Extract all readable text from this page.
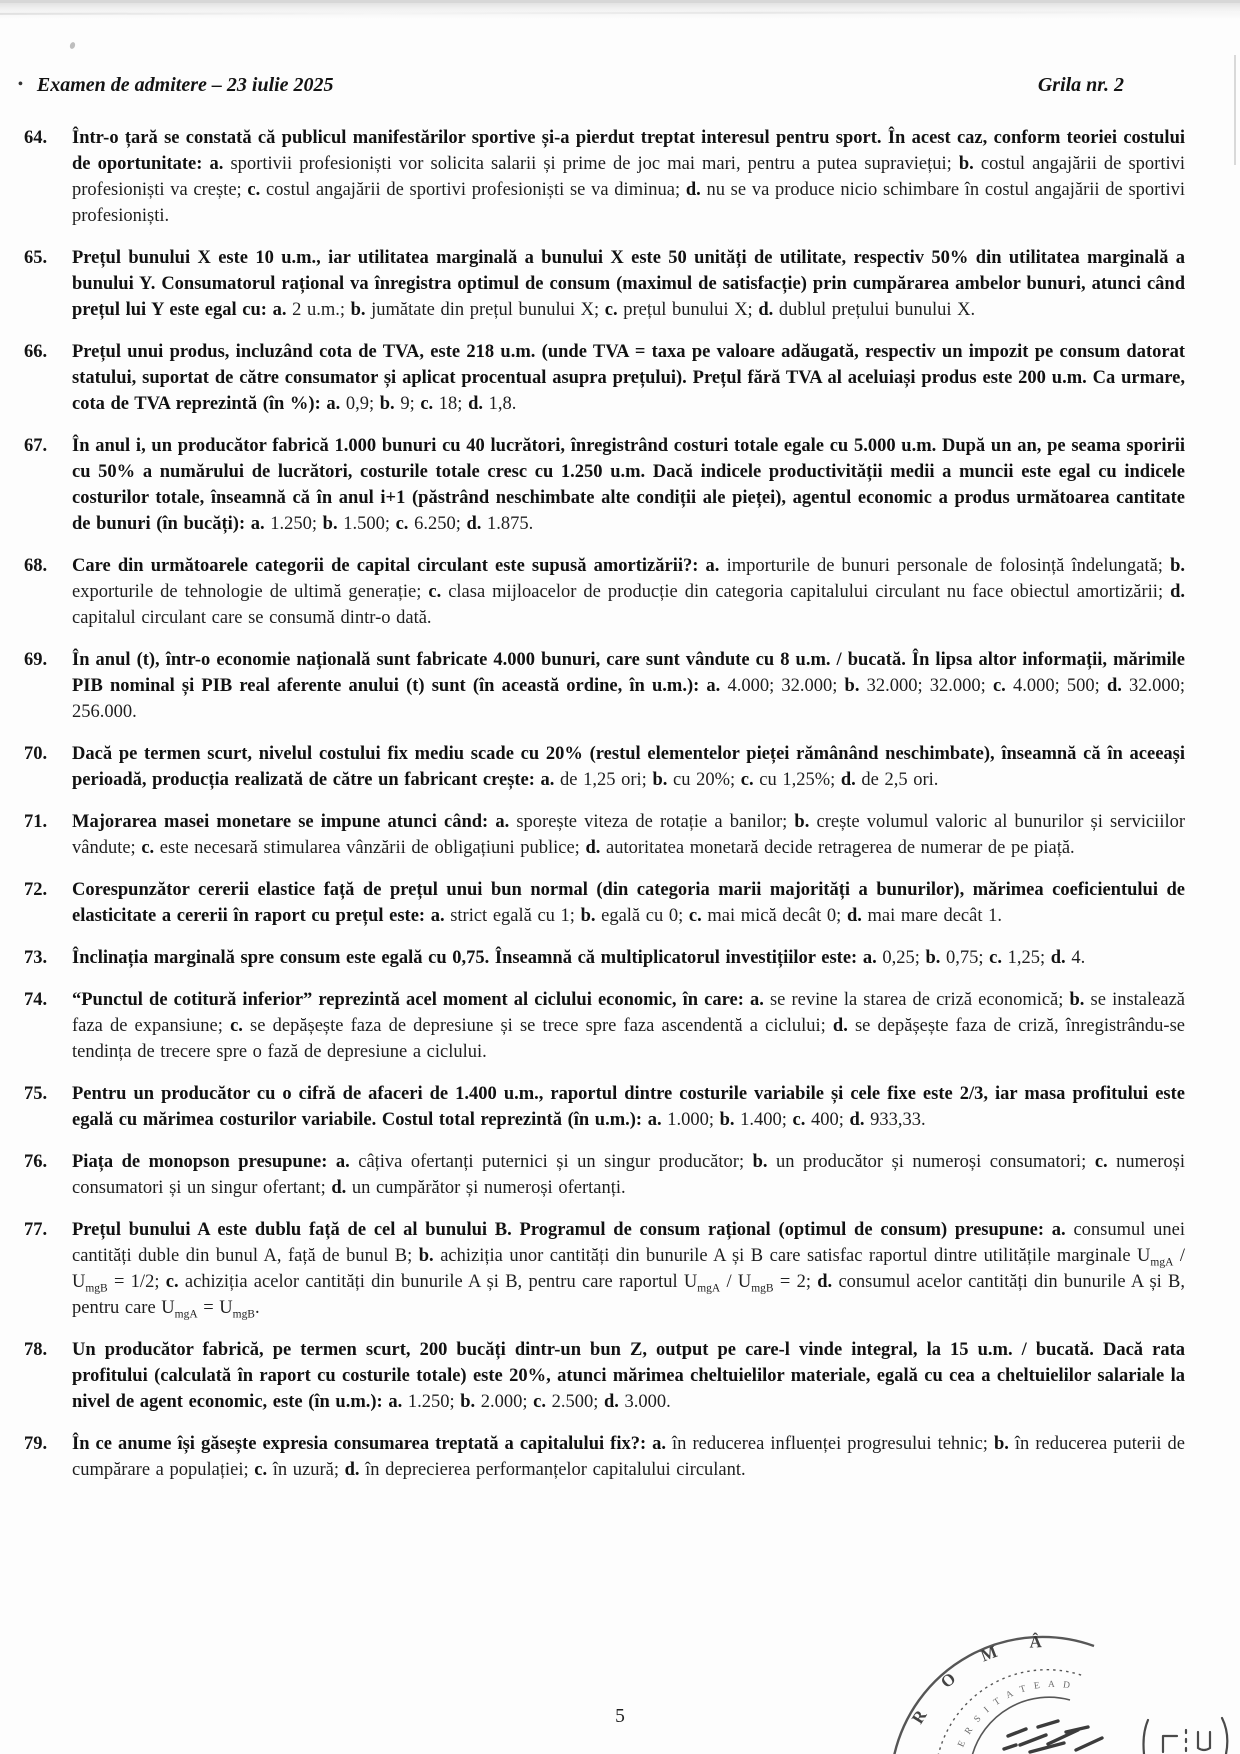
• Examen de admitere – 23 iulie 2025	Grila nr. 2
64.	Într-o țară se constată că publicul manifestărilor sportive și-a pierdut treptat interesul pentru sport. În acest caz, conform teoriei costului de oportunitate: a. sportivii profesioniști vor solicita salarii și prime de joc mai mari, pentru a putea supraviețui; b. costul angajării de sportivi profesioniști va crește; c. costul angajării de sportivi profesioniști se va diminua; d. nu se va produce nicio schimbare în costul angajării de sportivi profesioniști.
65.	Prețul bunului X este 10 u.m., iar utilitatea marginală a bunului X este 50 unități de utilitate, respectiv 50% din utilitatea marginală a bunului Y. Consumatorul rațional va înregistra optimul de consum (maximul de satisfacție) prin cumpărarea ambelor bunuri, atunci când prețul lui Y este egal cu: a. 2 u.m.; b. jumătate din prețul bunului X; c. prețul bunului X; d. dublul prețului bunului X.
66.	Prețul unui produs, incluzând cota de TVA, este 218 u.m. (unde TVA = taxa pe valoare adăugată, respectiv un impozit pe consum datorat statului, suportat de către consumator și aplicat procentual asupra prețului). Prețul fără TVA al aceluiași produs este 200 u.m. Ca urmare, cota de TVA reprezintă (în %): a. 0,9; b. 9; c. 18; d. 1,8.
67.	În anul i, un producător fabrică 1.000 bunuri cu 40 lucrători, înregistrând costuri totale egale cu 5.000 u.m. După un an, pe seama sporirii cu 50% a numărului de lucrători, costurile totale cresc cu 1.250 u.m. Dacă indicele productivității medii a muncii este egal cu indicele costurilor totale, înseamnă că în anul i+1 (păstrând neschimbate alte condiții ale pieței), agentul economic a produs următoarea cantitate de bunuri (în bucăți): a. 1.250; b. 1.500; c. 6.250; d. 1.875.
68.	Care din următoarele categorii de capital circulant este supusă amortizării?: a. importurile de bunuri personale de folosință îndelungată; b. exporturile de tehnologie de ultimă generație; c. clasa mijloacelor de producție din categoria capitalului circulant nu face obiectul amortizării; d. capitalul circulant care se consumă dintr-o dată.
69.	În anul (t), într-o economie națională sunt fabricate 4.000 bunuri, care sunt vândute cu 8 u.m. / bucată. În lipsa altor informații, mărimile PIB nominal și PIB real aferente anului (t) sunt (în această ordine, în u.m.): a. 4.000; 32.000; b. 32.000; 32.000; c. 4.000; 500; d. 32.000; 256.000.
70.	Dacă pe termen scurt, nivelul costului fix mediu scade cu 20% (restul elementelor pieței rămânând neschimbate), înseamnă că în aceeași perioadă, producția realizată de către un fabricant crește: a. de 1,25 ori; b. cu 20%; c. cu 1,25%; d. de 2,5 ori.
71.	Majorarea masei monetare se impune atunci când: a. sporește viteza de rotație a banilor; b. crește volumul valoric al bunurilor și serviciilor vândute; c. este necesară stimularea vânzării de obligațiuni publice; d. autoritatea monetară decide retragerea de numerar de pe piață.
72.	Corespunzător cererii elastice față de prețul unui bun normal (din categoria marii majorități a bunurilor), mărimea coeficientului de elasticitate a cererii în raport cu prețul este: a. strict egală cu 1; b. egală cu 0; c. mai mică decât 0; d. mai mare decât 1.
73.	Înclinația marginală spre consum este egală cu 0,75. Înseamnă că multiplicatorul investițiilor este: a. 0,25; b. 0,75; c. 1,25; d. 4.
74.	“Punctul de cotitură inferior” reprezintă acel moment al ciclului economic, în care: a. se revine la starea de criză economică; b. se instalează faza de expansiune; c. se depășește faza de depresiune și se trece spre faza ascendentă a ciclului; d. se depășește faza de criză, înregistrându-se tendința de trecere spre o fază de depresiune a ciclului.
75.	Pentru un producător cu o cifră de afaceri de 1.400 u.m., raportul dintre costurile variabile și cele fixe este 2/3, iar masa profitului este egală cu mărimea costurilor variabile. Costul total reprezintă (în u.m.): a. 1.000; b. 1.400; c. 400; d. 933,33.
76.	Piața de monopson presupune: a. câțiva ofertanți puternici și un singur producător; b. un producător și numeroși consumatori; c. numeroși consumatori și un singur ofertant; d. un cumpărător și numeroși ofertanți.
77.	Prețul bunului A este dublu față de cel al bunului B. Programul de consum rațional (optimul de consum) presupune: a. consumul unei cantități duble din bunul A, față de bunul B; b. achiziția unor cantități din bunurile A și B care satisfac raportul dintre utilitățile marginale $U_{mgA} / U_{mgB} = 1/2$; c. achiziția acelor cantități din bunurile A și B, pentru care raportul $U_{mgA} / U_{mgB} = 2$; d. consumul acelor cantități din bunurile A și B, pentru care $U_{mgA} = U_{mgB}$.
78.	Un producător fabrică, pe termen scurt, 200 bucăți dintr-un bun Z, output pe care-l vinde integral, la 15 u.m. / bucată. Dacă rata profitului (calculată în raport cu costurile totale) este 20%, atunci mărimea cheltuielilor materiale, egală cu cea a cheltuielilor salariale la nivel de agent economic, este (în u.m.): a. 1.250; b. 2.000; c. 2.500; d. 3.000.
79.	În ce anume își găsește expresia consumarea treptată a capitalului fix?: a. în reducerea influenței progresului tehnic; b. în reducerea puterii de cumpărare a populației; c. în uzură; d. în deprecierea performanțelor capitalului circulant.
5	R O M Â
E R S I T A T E A D
